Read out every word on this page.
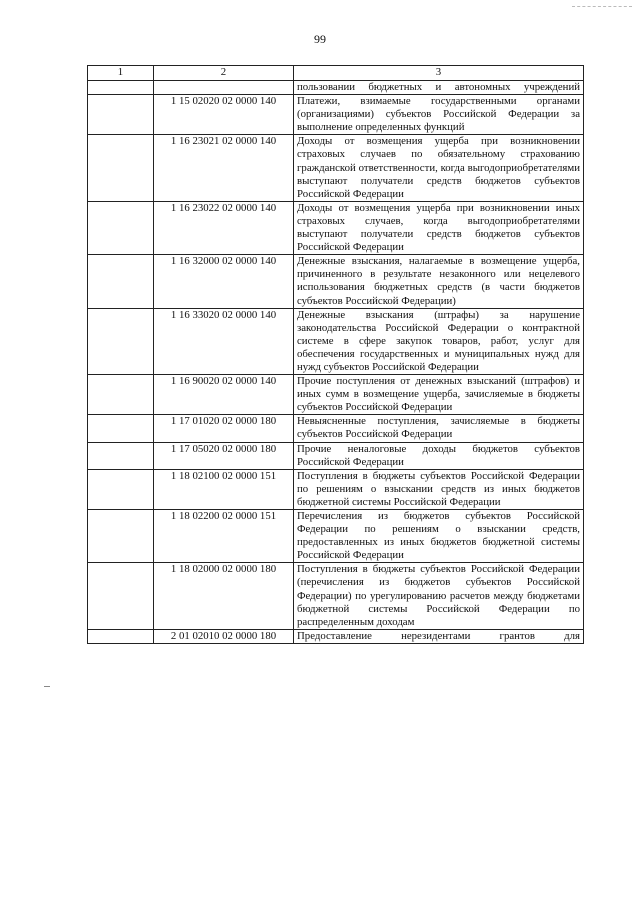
99
1	2	3
		пользовании бюджетных и автономных учреждений
	1 15 02020 02 0000 140	Платежи, взимаемые государственными органами (организациями) субъектов Российской Федерации за выполнение определенных функций
	1 16 23021 02 0000 140	Доходы от возмещения ущерба при возникновении страховых случаев по обязательному страхованию гражданской ответственности, когда выгодоприобретателями выступают получатели средств бюджетов субъектов Российской Федерации
	1 16 23022 02 0000 140	Доходы от возмещения ущерба при возникновении иных страховых случаев, когда выгодоприобретателями выступают получатели средств бюджетов субъектов Российской Федерации
	1 16 32000 02 0000 140	Денежные взыскания, налагаемые в возмещение ущерба, причиненного в результате незаконного или нецелевого использования бюджетных средств (в части бюджетов субъектов Российской Федерации)
	1 16 33020 02 0000 140	Денежные взыскания (штрафы) за нарушение законодательства Российской Федерации о контрактной системе в сфере закупок товаров, работ, услуг для обеспечения государственных и муниципальных нужд для нужд субъектов Российской Федерации
	1 16 90020 02 0000 140	Прочие поступления от денежных взысканий (штрафов) и иных сумм в возмещение ущерба, зачисляемые в бюджеты субъектов Российской Федерации
	1 17 01020 02 0000 180	Невыясненные поступления, зачисляемые в бюджеты субъектов Российской Федерации
	1 17 05020 02 0000 180	Прочие неналоговые доходы бюджетов субъектов Российской Федерации
	1 18 02100 02 0000 151	Поступления в бюджеты субъектов Российской Федерации по решениям о взыскании средств из иных бюджетов бюджетной системы Российской Федерации
	1 18 02200 02 0000 151	Перечисления из бюджетов субъектов Российской Федерации по решениям о взыскании средств, предоставленных из иных бюджетов бюджетной системы Российской Федерации
	1 18 02000 02 0000 180	Поступления в бюджеты субъектов Российской Федерации (перечисления из бюджетов субъектов Российской Федерации) по урегулированию расчетов между бюджетами бюджетной системы Российской Федерации по распределенным доходам
	2 01 02010 02 0000 180	Предоставление нерезидентами грантов для
